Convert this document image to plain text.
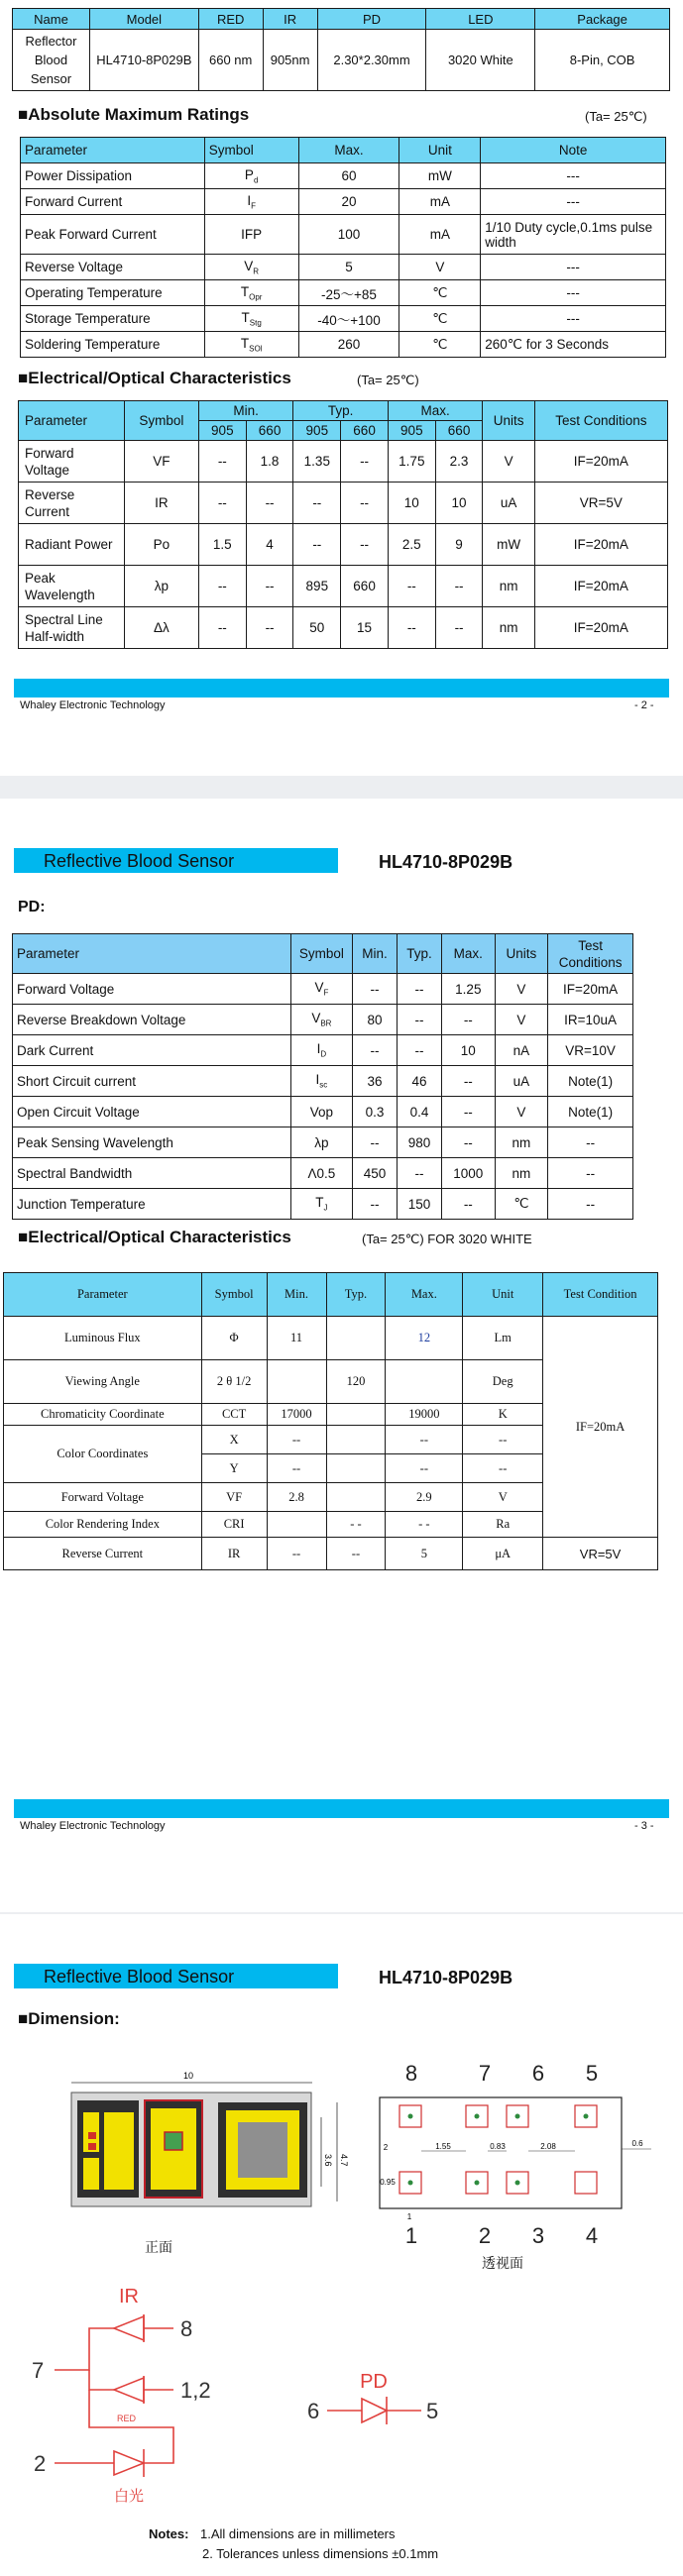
Name	Model	RED	IR	PD	LED	Package
Reflector Blood Sensor	HL4710-8P029B	660 nm	905nm	2.30*2.30mm	3020 White	8-Pin, COB
■Absolute Maximum Ratings	(Ta= 25℃)
Parameter	Symbol	Max.	Unit	Note
Power Dissipation	$P_d$	60	mW	---
Forward Current	$I_F$	20	mA	---
Peak Forward Current	IFP	100	mA	1/10 Duty cycle,0.1ms pulse width
Reverse Voltage	$V_R$	5	V	---
Operating Temperature	$T_{Opr}$	-25～+85	℃	---
Storage Temperature	$T_{Stg}$	-40～+100	℃	---
Soldering Temperature	$T_{SOl}$	260	℃	260℃ for 3 Seconds
■Electrical/Optical Characteristics	(Ta= 25℃)
Parameter	Symbol	Min.		Typ.		Max.		Units	Test Conditions
		905	660	905	660	905	660		
Forward Voltage	VF	--	1.8	1.35	--	1.75	2.3	V	IF=20mA
Reverse Current	IR	--	--	--	--	10	10	uA	VR=5V
Radiant Power	Po	1.5	4	--	--	2.5	9	mW	IF=20mA
Peak Wavelength	λp	--	--	895	660	--	--	nm	IF=20mA
Spectral Line Half-width	Δλ	--	--	50	15	--	--	nm	IF=20mA
Whaley Electronic Technology	- 2 -
Reflective Blood Sensor	HL4710-8P029B
PD:
Parameter	Symbol	Min.	Typ.	Max.	Units	Test Conditions
Forward Voltage	$V_F$	--	--	1.25	V	IF=20mA
Reverse Breakdown Voltage	$V_{BR}$	80	--	--	V	IR=10uA
Dark Current	$I_D$	--	--	10	nA	VR=10V
Short Circuit current	$I_{sc}$	36	46	--	uA	Note(1)
Open Circuit Voltage	Vop	0.3	0.4	--	V	Note(1)
Peak Sensing Wavelength	λp	--	980	--	nm	--
Spectral Bandwidth	Λ0.5	450	--	1000	nm	--
Junction Temperature	$T_J$	--	150	--	℃	--
■Electrical/Optical Characteristics	(Ta= 25℃) FOR 3020 WHITE
Parameter	Symbol	Min.	Typ.	Max.	Unit	Test Condition
Luminous Flux	Φ	11		12	Lm	IF=20mA
Viewing Angle	2 θ 1/2		120		Deg	
Chromaticity Coordinate	CCT	17000		19000	K	
Color Coordinates	X	--		--	--	
	Y	--		--	--	
Forward Voltage	VF	2.8		2.9	V	
Color Rendering Index	CRI		- -	- -	Ra	
Reverse Current	IR	--	--	5	μA	VR=5V
Whaley Electronic Technology	- 3 -
Reflective Blood Sensor	HL4710-8P029B
■Dimension:
10
3.6 4.7
正面
8	7 6 5
1.55	0.83	2.08	0.6
2
0.95
1
1	2 3 4
透视面
IR
8
1,2
7
RED
2
白光
PD
6	5
Notes: 1.All dimensions are in millimeters
2. Tolerances unless dimensions ±0.1mm
